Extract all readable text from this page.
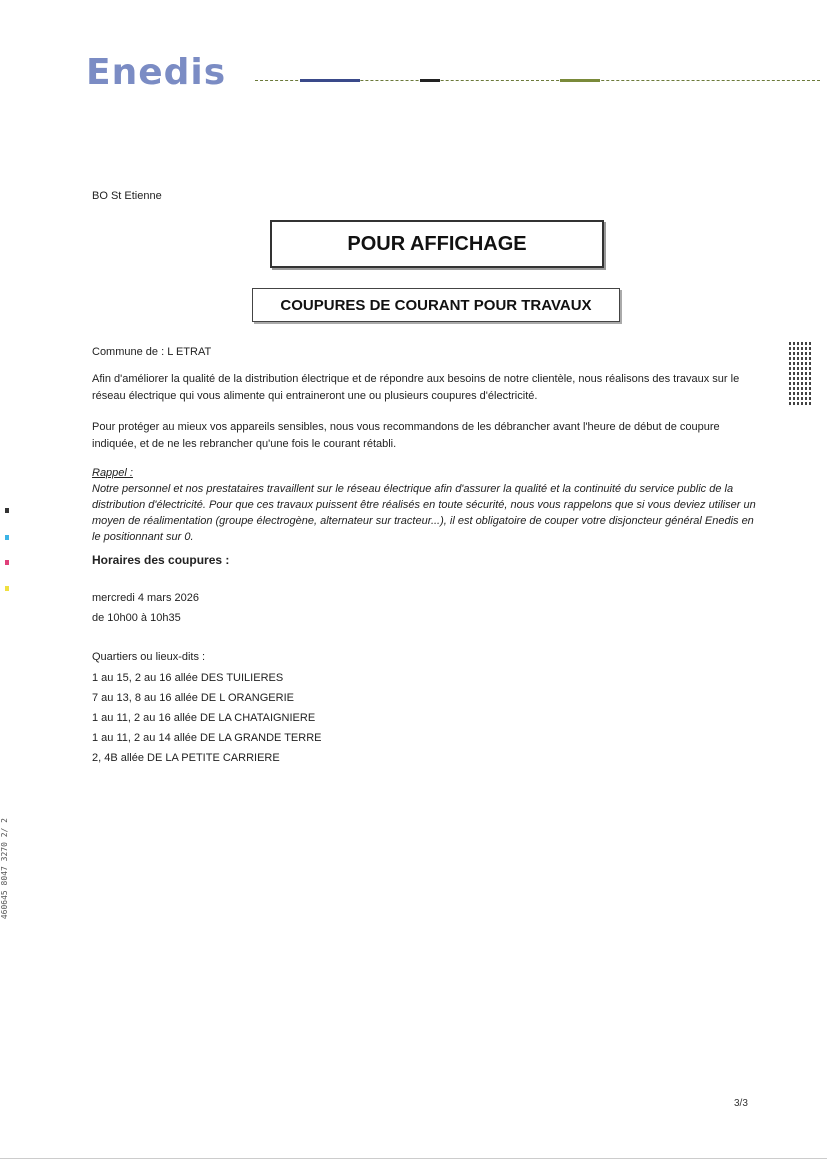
Enedis
BO St Etienne
POUR AFFICHAGE
COUPURES DE COURANT POUR TRAVAUX
Commune de : L ETRAT
Afin d'améliorer la qualité de la distribution électrique et de répondre aux besoins de notre clientèle, nous réalisons des travaux sur le réseau électrique qui vous alimente qui entraineront une ou plusieurs coupures d'électricité.
Pour protéger au mieux vos appareils sensibles, nous vous recommandons de les débrancher avant l'heure de début de coupure indiquée, et de ne les rebrancher qu'une fois le courant rétabli.
Rappel :
Notre personnel et nos prestataires travaillent sur le réseau électrique afin d'assurer la qualité et la continuité du service public de la distribution d'électricité. Pour que ces travaux puissent être réalisés en toute sécurité, nous vous rappelons que si vous deviez utiliser un moyen de réalimentation (groupe électrogène, alternateur sur tracteur...), il est obligatoire de couper votre disjoncteur général Enedis en le positionnant sur 0.
Horaires des coupures :
mercredi 4 mars 2026
de 10h00 à 10h35
Quartiers ou lieux-dits :
1 au 15, 2 au 16 allée DES TUILIERES
7 au 13, 8 au 16 allée DE L ORANGERIE
1 au 11, 2 au 16 allée DE LA CHATAIGNIERE
1 au 11, 2 au 14 allée DE LA GRANDE TERRE
2, 4B allée DE LA PETITE CARRIERE
460645 8047 3270 2/ 2
3/3
